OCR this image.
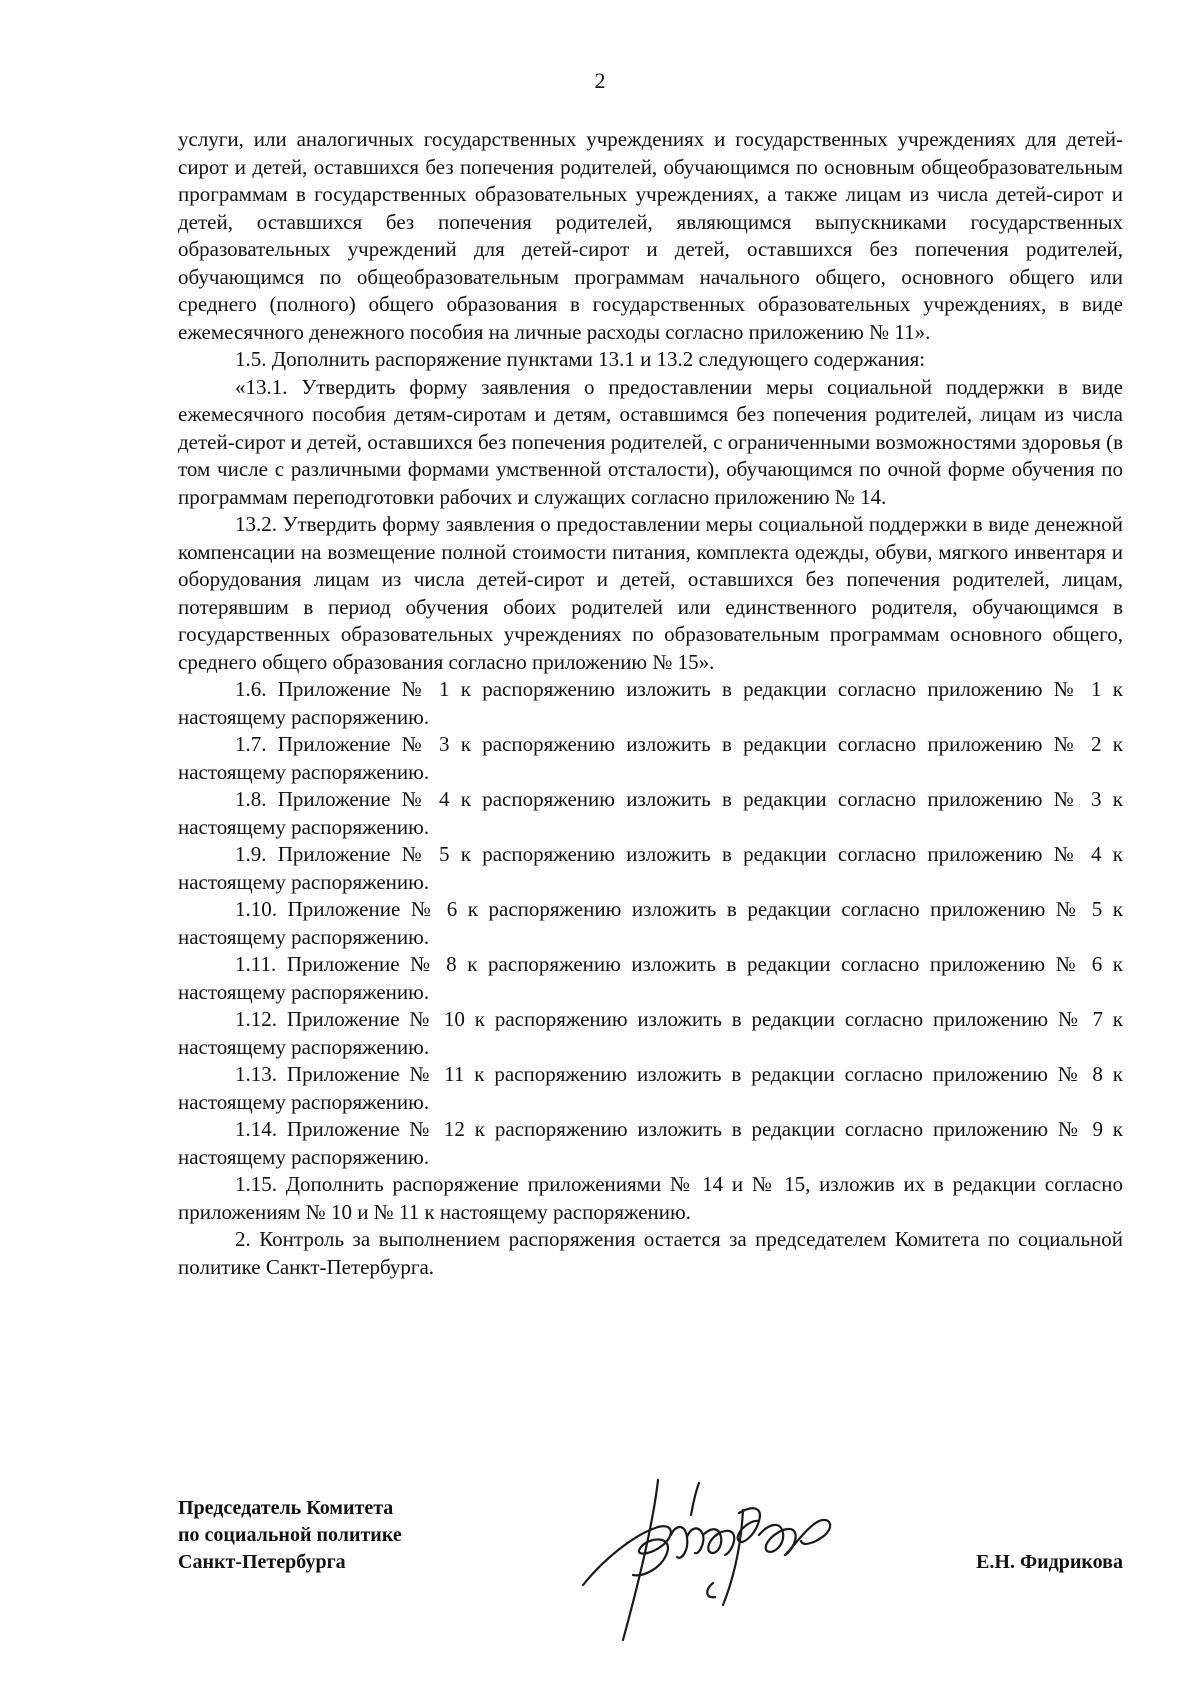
2

услуги, или аналогичных государственных учреждениях и государственных учреждениях для детей-сирот и детей, оставшихся без попечения родителей, обучающимся по основным общеобразовательным программам в государственных образовательных учреждениях, а также лицам из числа детей-сирот и детей, оставшихся без попечения родителей, являющимся выпускниками государственных образовательных учреждений для детей-сирот и детей, оставшихся без попечения родителей, обучающимся по общеобразовательным программам начального общего, основного общего или среднего (полного) общего образования в государственных образовательных учреждениях, в виде ежемесячного денежного пособия на личные расходы согласно приложению № 11».

1.5. Дополнить распоряжение пунктами 13.1 и 13.2 следующего содержания:

«13.1. Утвердить форму заявления о предоставлении меры социальной поддержки в виде ежемесячного пособия детям-сиротам и детям, оставшимся без попечения родителей, лицам из числа детей-сирот и детей, оставшихся без попечения родителей, с ограниченными возможностями здоровья (в том числе с различными формами умственной отсталости), обучающимся по очной форме обучения по программам переподготовки рабочих и служащих согласно приложению № 14.

13.2. Утвердить форму заявления о предоставлении меры социальной поддержки в виде денежной компенсации на возмещение полной стоимости питания, комплекта одежды, обуви, мягкого инвентаря и оборудования лицам из числа детей-сирот и детей, оставшихся без попечения родителей, лицам, потерявшим в период обучения обоих родителей или единственного родителя, обучающимся в государственных образовательных учреждениях по образовательным программам основного общего, среднего общего образования согласно приложению № 15».

1.6. Приложение № 1 к распоряжению изложить в редакции согласно приложению № 1 к настоящему распоряжению.

1.7. Приложение № 3 к распоряжению изложить в редакции согласно приложению № 2 к настоящему распоряжению.

1.8. Приложение № 4 к распоряжению изложить в редакции согласно приложению № 3 к настоящему распоряжению.

1.9. Приложение № 5 к распоряжению изложить в редакции согласно приложению № 4 к настоящему распоряжению.

1.10. Приложение № 6 к распоряжению изложить в редакции согласно приложению № 5 к настоящему распоряжению.

1.11. Приложение № 8 к распоряжению изложить в редакции согласно приложению № 6 к настоящему распоряжению.

1.12. Приложение № 10 к распоряжению изложить в редакции согласно приложению № 7 к настоящему распоряжению.

1.13. Приложение № 11 к распоряжению изложить в редакции согласно приложению № 8 к настоящему распоряжению.

1.14. Приложение № 12 к распоряжению изложить в редакции согласно приложению № 9 к настоящему распоряжению.

1.15. Дополнить распоряжение приложениями № 14 и № 15, изложив их в редакции согласно приложениям № 10 и № 11 к настоящему распоряжению.

2. Контроль за выполнением распоряжения остается за председателем Комитета по социальной политике Санкт-Петербурга.

Председатель Комитета
по социальной политике
Санкт-Петербурга	Е.Н. Фидрикова
